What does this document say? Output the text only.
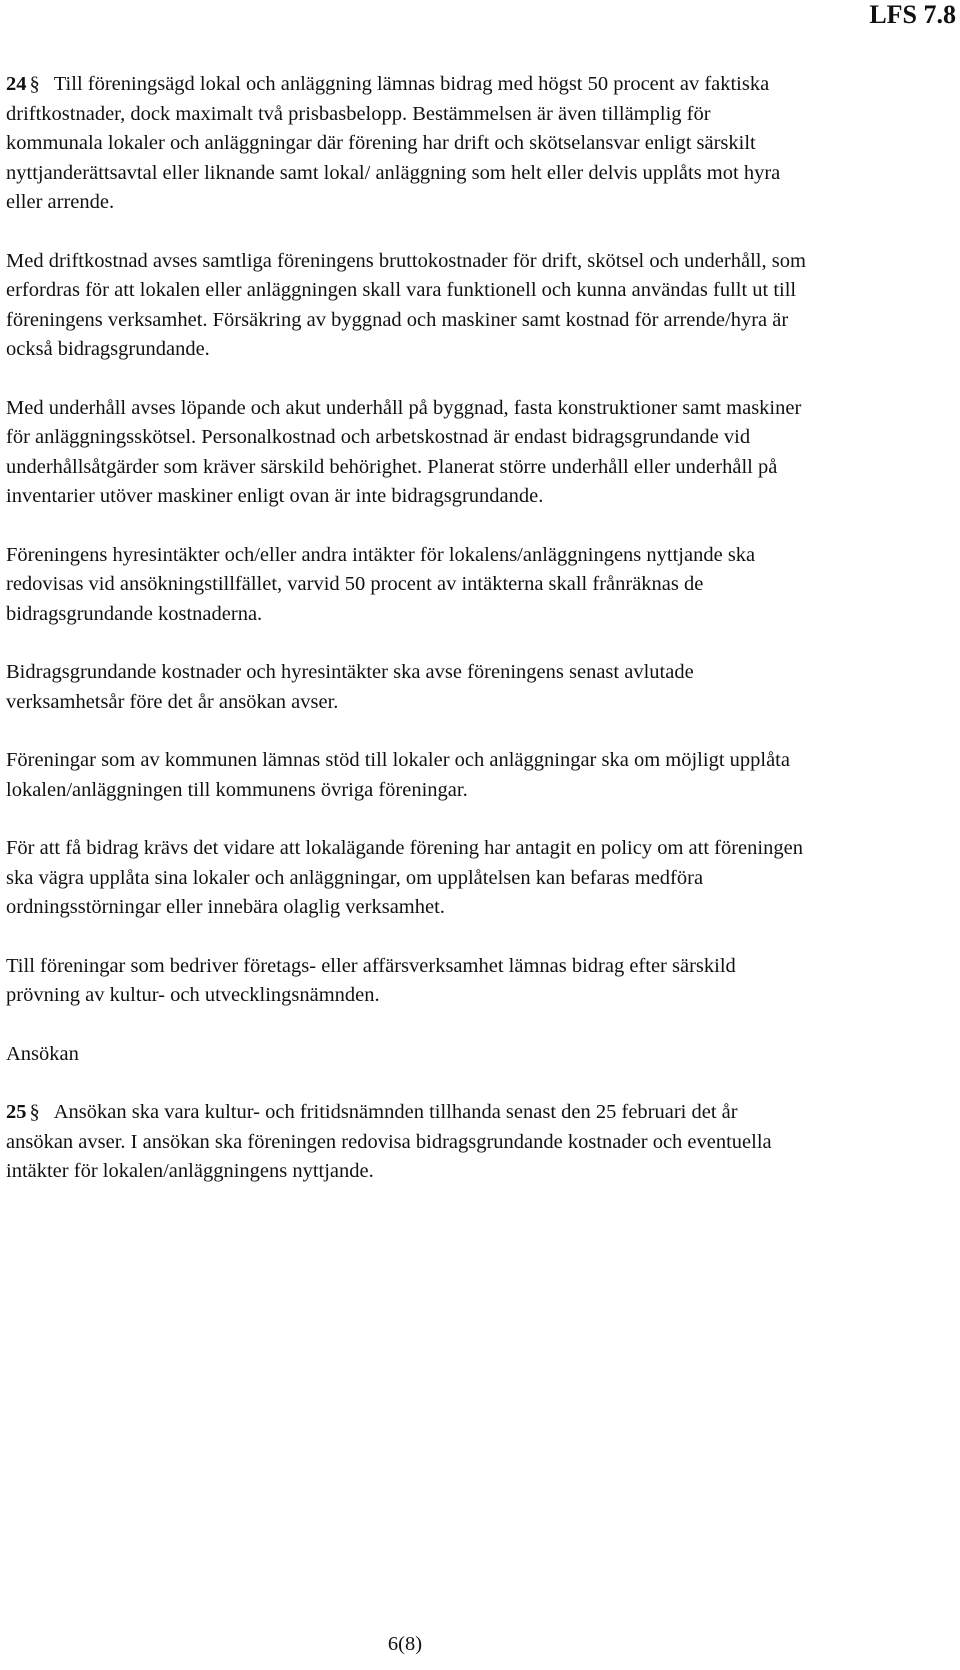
LFS 7.8

24 § Till föreningsägd lokal och anläggning lämnas bidrag med högst 50 procent av faktiska driftkostnader, dock maximalt två prisbasbelopp. Bestämmelsen är även tillämplig för kommunala lokaler och anläggningar där förening har drift och skötselansvar enligt särskilt nyttjanderättsavtal eller liknande samt lokal/ anläggning som helt eller delvis upplåts mot hyra eller arrende.

Med driftkostnad avses samtliga föreningens bruttokostnader för drift, skötsel och underhåll, som erfordras för att lokalen eller anläggningen skall vara funktionell och kunna användas fullt ut till föreningens verksamhet. Försäkring av byggnad och maskiner samt kostnad för arrende/hyra är också bidragsgrundande.

Med underhåll avses löpande och akut underhåll på byggnad, fasta konstruktioner samt maskiner för anläggningsskötsel. Personalkostnad och arbetskostnad är endast bidragsgrundande vid underhållsåtgärder som kräver särskild behörighet. Planerat större underhåll eller underhåll på inventarier utöver maskiner enligt ovan är inte bidragsgrundande.

Föreningens hyresintäkter och/eller andra intäkter för lokalens/anläggningens nyttjande ska redovisas vid ansökningstillfället, varvid 50 procent av intäkterna skall frånräknas de bidragsgrundande kostnaderna.

Bidragsgrundande kostnader och hyresintäkter ska avse föreningens senast avlutade verksamhetsår före det år ansökan avser.

Föreningar som av kommunen lämnas stöd till lokaler och anläggningar ska om möjligt upplåta lokalen/anläggningen till kommunens övriga föreningar.

För att få bidrag krävs det vidare att lokalägande förening har antagit en policy om att föreningen ska vägra upplåta sina lokaler och anläggningar, om upplåtelsen kan befaras medföra ordningsstörningar eller innebära olaglig verksamhet.

Till föreningar som bedriver företags- eller affärsverksamhet lämnas bidrag efter särskild prövning av kultur- och utvecklingsnämnden.

Ansökan

25 § Ansökan ska vara kultur- och fritidsnämnden tillhanda senast den 25 februari det år ansökan avser. I ansökan ska föreningen redovisa bidragsgrundande kostnader och eventuella intäkter för lokalen/anläggningens nyttjande.

6(8)
